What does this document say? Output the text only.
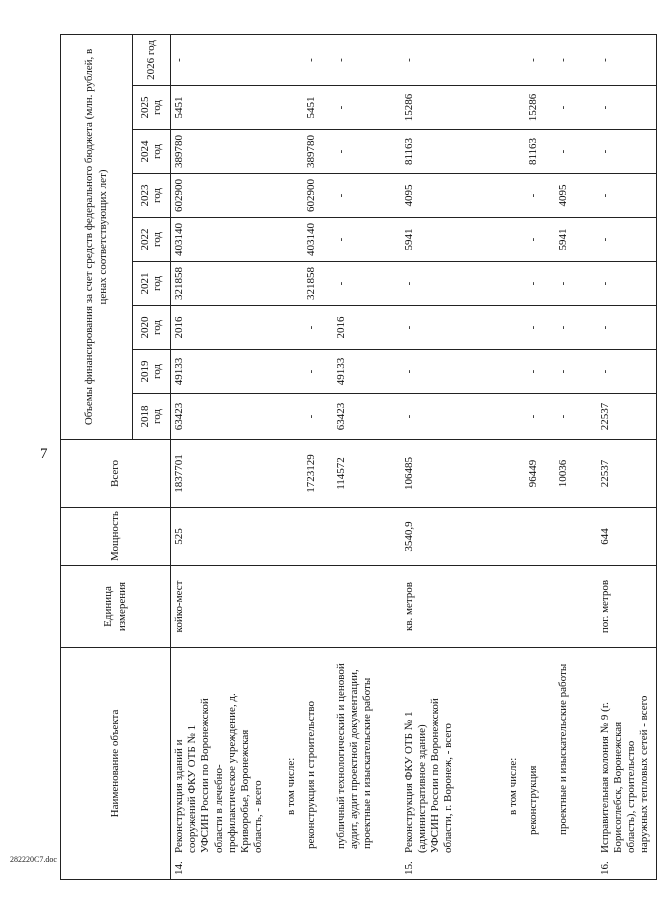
7
282220С7.doc
Наименование объекта	Единица измерения	Мощность	Всего	Объемы финансирования за счет средств федерального бюджета (млн. рублей, в ценах соответствующих лет)								
				2018 год	2019 год	2020 год	2021 год	2022 год	2023 год	2024 год	2025 год	2026 год
14.Реконструкция зданий и сооружений ФКУ ОТБ № 1 УФСИН России по Воронежской области в лечебно-профилактическое учреждение, д. Криворобье, Воронежская область, - всего	койко-мест	525	1837701	63423	49133	2016	321858	403140	602900	389780	5451	-

в том числе:												

реконструкция и строительство			1723129	-	-	-	321858	403140	602900	389780	5451	-

публичный технологический и ценовой аудит, аудит проектной документации, проектные и изыскательские работы			114572	63423	49133	2016	-	-	-	-	-	-
15.Реконструкция ФКУ ОТБ № 1 (административное здание) УФСИН России по Воронежской области, г. Воронеж, - всего	кв. метров	3540,9	106485	-	-	-	-	5941	4095	81163	15286	-

в том числе:												

реконструкция			96449	-	-	-	-	-	-	81163	15286	-

проектные и изыскательские работы			10036	-	-	-	-	5941	4095	-	-	-
16.Исправительная колония № 9 (г. Борисоглебск, Воронежская область), строительство наружных тепловых сетей - всего	пог. метров	644	22537	22537	-	-	-	-	-	-	-	-
